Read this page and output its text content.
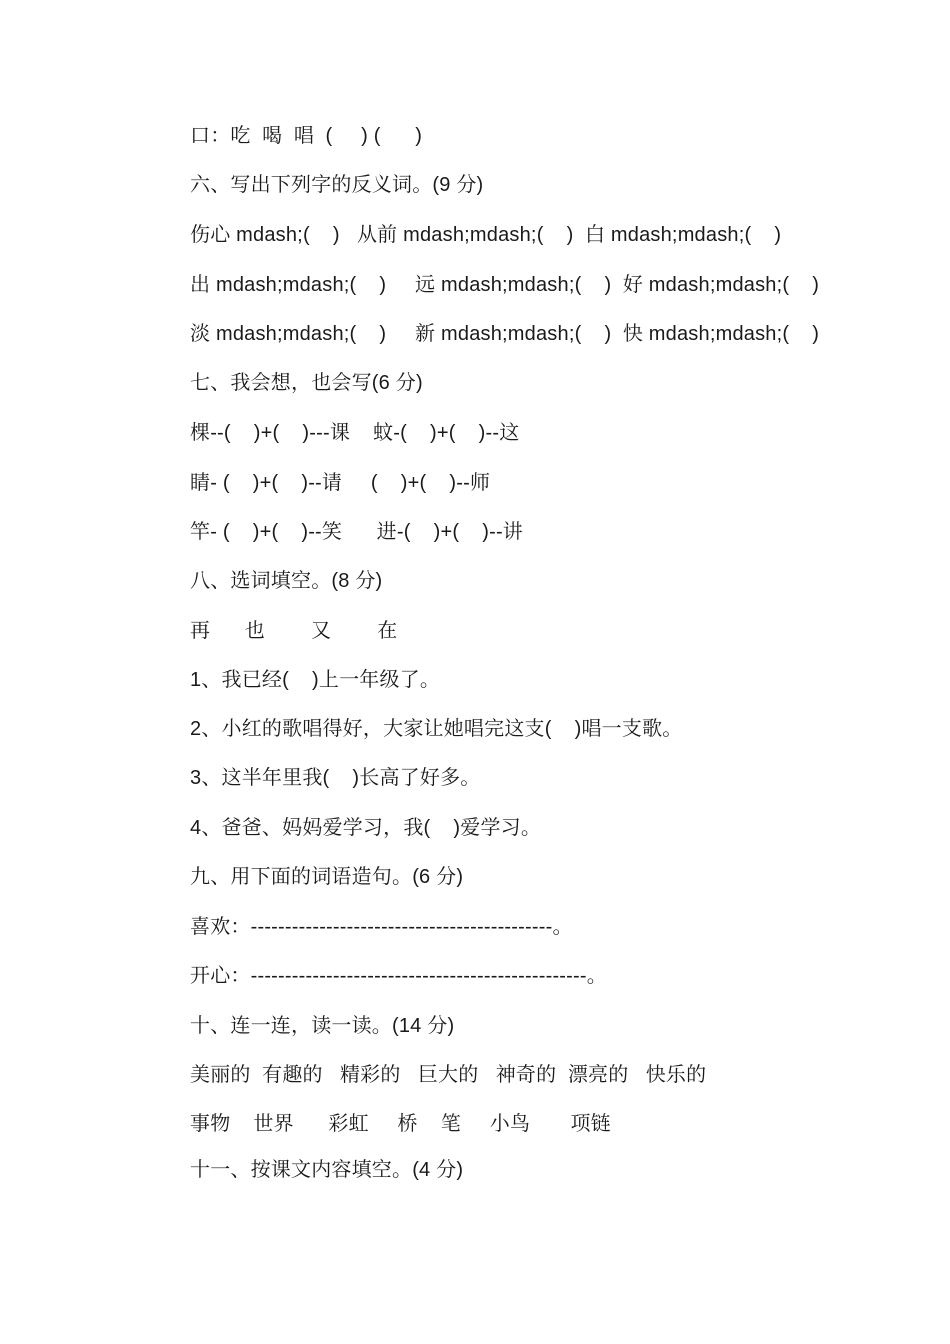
口：吃  喝  唱  (     ) (      )
六、写出下列字的反义词。(9 分)
伤心 mdash;(    )   从前 mdash;mdash;(    )  白 mdash;mdash;(    )
出 mdash;mdash;(    )     远 mdash;mdash;(    )  好 mdash;mdash;(    )
淡 mdash;mdash;(    )     新 mdash;mdash;(    )  快 mdash;mdash;(    )
七、我会想，也会写(6 分)
棵--(    )+(    )---课    蚊-(    )+(    )--这
睛- (    )+(    )--请     (    )+(    )--师
竿- (    )+(    )--笑      进-(    )+(    )--讲
八、选词填空。(8 分)
再      也        又        在
1、我已经(    )上一年级了。
2、小红的歌唱得好，大家让她唱完这支(    )唱一支歌。
3、这半年里我(    )长高了好多。
4、爸爸、妈妈爱学习，我(    )爱学习。
九、用下面的词语造句。(6 分)
喜欢：--------------------------------------------。
开心：-------------------------------------------------。
十、连一连，读一读。(14 分)
美丽的  有趣的   精彩的   巨大的   神奇的  漂亮的   快乐的
事物    世界      彩虹     桥    笔     小鸟       项链
十一、按课文内容填空。(4 分)
